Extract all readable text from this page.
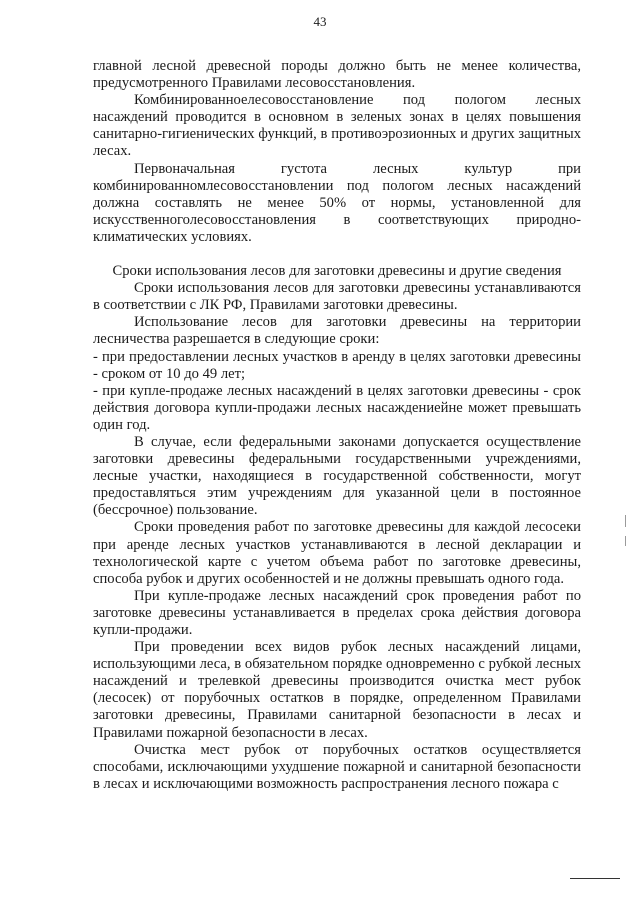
43

главной лесной древесной породы должно быть не менее количества, предусмотренного Правилами лесовосстановления.

Комбинированноелесовосстановление под пологом лесных насаждений проводится в основном в зеленых зонах в целях повышения санитарно-гигиенических функций, в противоэрозионных и других защитных лесах.

Первоначальная густота лесных культур при комбинированномлесовосстановлении под пологом лесных насаждений должна составлять не менее 50% от нормы, установленной для искусственноголесовосстановления в соответствующих природно-климатических условиях.

Сроки использования лесов для заготовки древесины и другие сведения

Сроки использования лесов для заготовки древесины устанавливаются в соответствии с ЛК РФ, Правилами заготовки древесины.

Использование лесов для заготовки древесины на территории лесничества разрешается в следующие сроки:

- при предоставлении лесных участков в аренду в целях заготовки древесины - сроком от 10 до 49 лет;

- при купле-продаже лесных насаждений в целях заготовки древесины - срок действия договора купли-продажи лесных насаждениейне может превышать один год.

В случае, если федеральными законами допускается осуществление заготовки древесины федеральными государственными учреждениями, лесные участки, находящиеся в государственной собственности, могут предоставляться этим учреждениям для указанной цели в постоянное (бессрочное) пользование.

Сроки проведения работ по заготовке древесины для каждой лесосеки при аренде лесных участков устанавливаются в лесной декларации и технологической карте с учетом объема работ по заготовке древесины, способа рубок и других особенностей и не должны превышать одного года.

При купле-продаже лесных насаждений срок проведения работ по заготовке древесины устанавливается в пределах срока действия договора купли-продажи.

При проведении всех видов рубок лесных насаждений лицами, использующими леса, в обязательном порядке одновременно с рубкой лесных насаждений и трелевкой древесины производится очистка мест рубок (лесосек) от порубочных остатков в порядке, определенном Правилами заготовки древесины, Правилами санитарной безопасности в лесах и Правилами пожарной безопасности в лесах.

Очистка мест рубок от порубочных остатков осуществляется способами, исключающими ухудшение пожарной и санитарной безопасности в лесах и исключающими возможность распространения лесного пожара с
